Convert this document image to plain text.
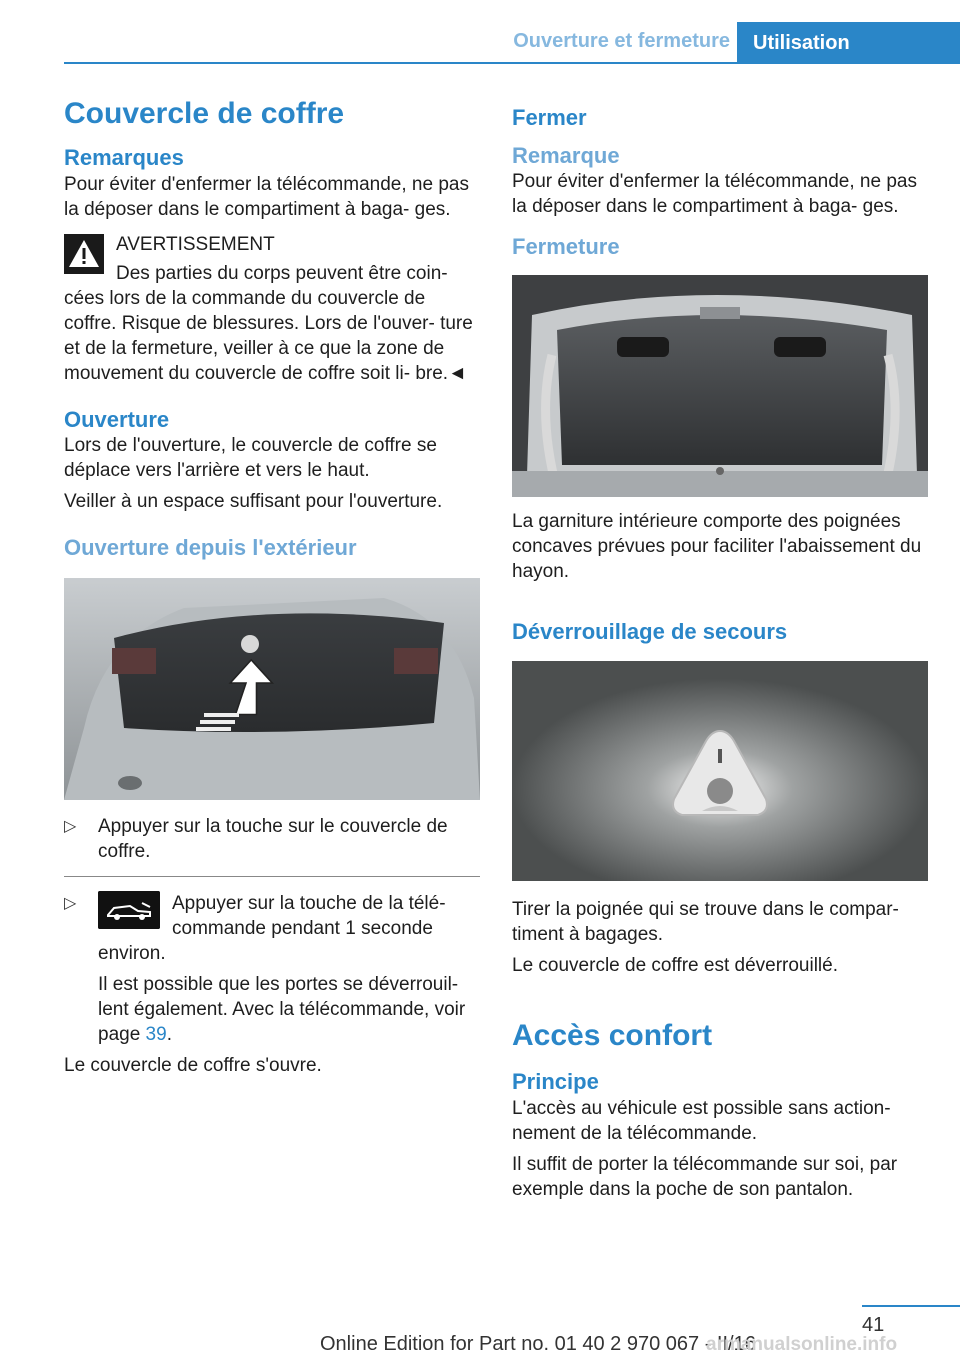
Ouverture et fermeture	Utilisation
Couvercle de coffre
Remarques

Pour éviter d'enfermer la télécommande, ne pas la déposer dans le compartiment à baga‐ ges.

AVERTISSEMENT

Des parties du corps peuvent être coin‐ cées lors de la commande du couvercle de coffre. Risque de blessures. Lors de l'ouver‐ ture et de la fermeture, veiller à ce que la zone de mouvement du couvercle de coffre soit li‐ bre.◄

Ouverture

Lors de l'ouverture, le couvercle de coffre se déplace vers l'arrière et vers le haut.

Veiller à un espace suffisant pour l'ouverture.

Ouverture depuis l'extérieur
▷ Appuyer sur la touche sur le couvercle de coffre.

▷	Appuyer sur la touche de la télé‐ commande pendant 1 seconde environ.

Il est possible que les portes se déverrouil‐ lent également. Avec la télécommande, voir page 39.

Le couvercle de coffre s'ouvre.

Fermer
Remarque

Pour éviter d'enfermer la télécommande, ne pas la déposer dans le compartiment à baga‐ ges.

Fermeture

La garniture intérieure comporte des poignées concaves prévues pour faciliter l'abaissement du hayon.

Déverrouillage de secours

Tirer la poignée qui se trouve dans le compar‐ timent à bagages.

Le couvercle de coffre est déverrouillé.

Accès confort
Principe

L'accès au véhicule est possible sans action‐ nement de la télécommande.

Il suffit de porter la télécommande sur soi, par exemple dans la poche de son pantalon.

41
Online Edition for Part no. 01 40 2 970 067 - II/16
armanualsonline.info
